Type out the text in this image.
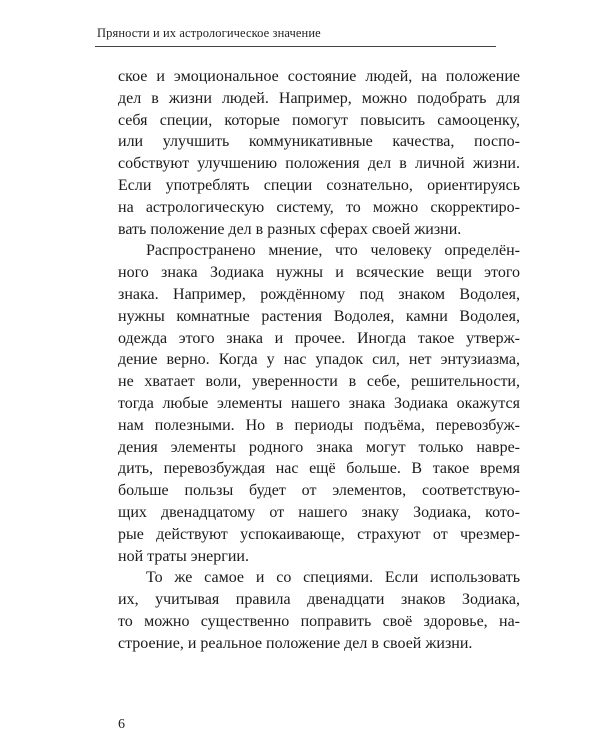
Пряности и их астрологическое значение

ское и эмоциональное состояние людей, на положение
дел в жизни людей. Например, можно подобрать для
себя специи, которые помогут повысить самооценку,
или улучшить коммуникативные качества, поспо-
собствуют улучшению положения дел в личной жизни.
Если употреблять специи сознательно, ориентируясь
на астрологическую систему, то можно скорректиро-
вать положение дел в разных сферах своей жизни.

Распространено мнение, что человеку определён-
ного знака Зодиака нужны и всяческие вещи этого
знака. Например, рождённому под знаком Водолея,
нужны комнатные растения Водолея, камни Водолея,
одежда этого знака и прочее. Иногда такое утверж-
дение верно. Когда у нас упадок сил, нет энтузиазма,
не хватает воли, уверенности в себе, решительности,
тогда любые элементы нашего знака Зодиака окажутся
нам полезными. Но в периоды подъёма, перевозбуж-
дения элементы родного знака могут только навре-
дить, перевозбуждая нас ещё больше. В такое время
больше пользы будет от элементов, соответствую-
щих двенадцатому от нашего знаку Зодиака, кото-
рые действуют успокаивающе, страхуют от чрезмер-
ной траты энергии.

То же самое и со специями. Если использовать
их, учитывая правила двенадцати знаков Зодиака,
то можно существенно поправить своё здоровье, на-
строение, и реальное положение дел в своей жизни.

6
